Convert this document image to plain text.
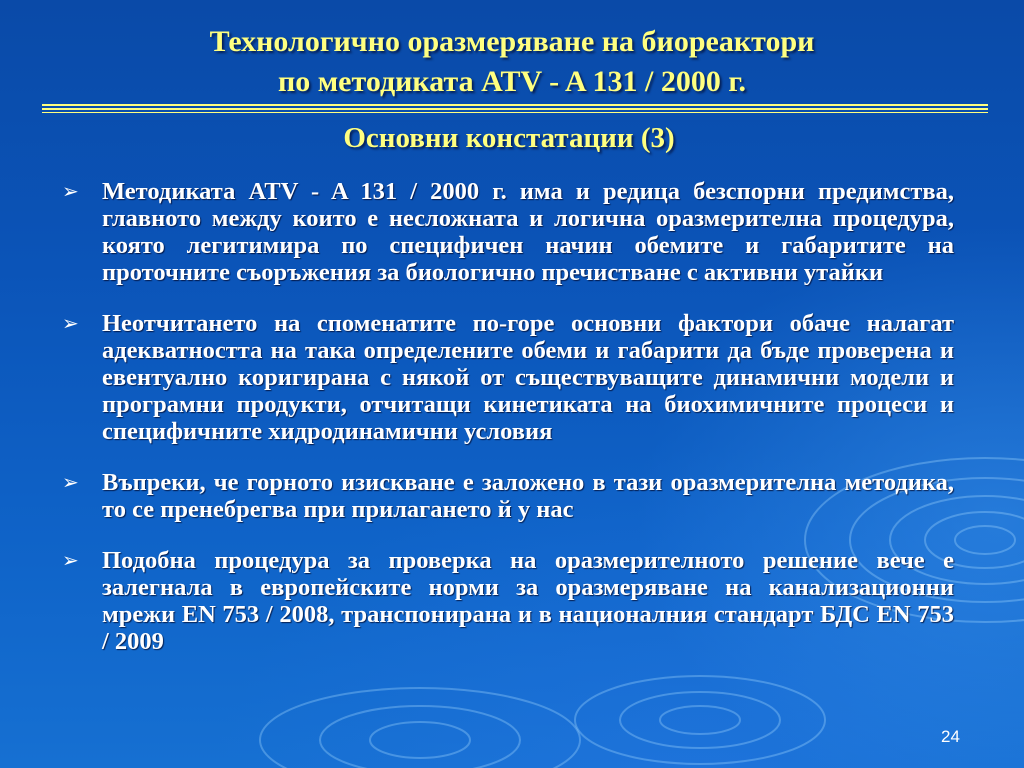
Технологично оразмеряване на биореактори
по методиката ATV - A 131 / 2000 г.
Основни констатации (3)
➢ Методиката ATV - A 131 / 2000 г. има и редица безспорни предимства, главното между които е несложната и логична оразмерителна процедура, която легитимира по специфичен начин обемите и габаритите на проточните съоръжения за биологично пречистване с активни утайки
➢ Неотчитането на споменатите по-горе основни фактори обаче налагат адекватността на така определените обеми и габарити да бъде проверена и евентуално коригирана с някой от съществуващите динамични модели и програмни продукти, отчитащи кинетиката на биохимичните процеси и специфичните хидродинамични условия
➢ Въпреки, че горното изискване е заложено в тази оразмерителна методика, то се пренебрегва при прилагането й у нас
➢ Подобна процедура за проверка на оразмерителното решение вече е залегнала в европейските норми за оразмеряване на канализационни мрежи EN 753 / 2008, транспонирана и в националния стандарт БДС EN 753 / 2009
24
